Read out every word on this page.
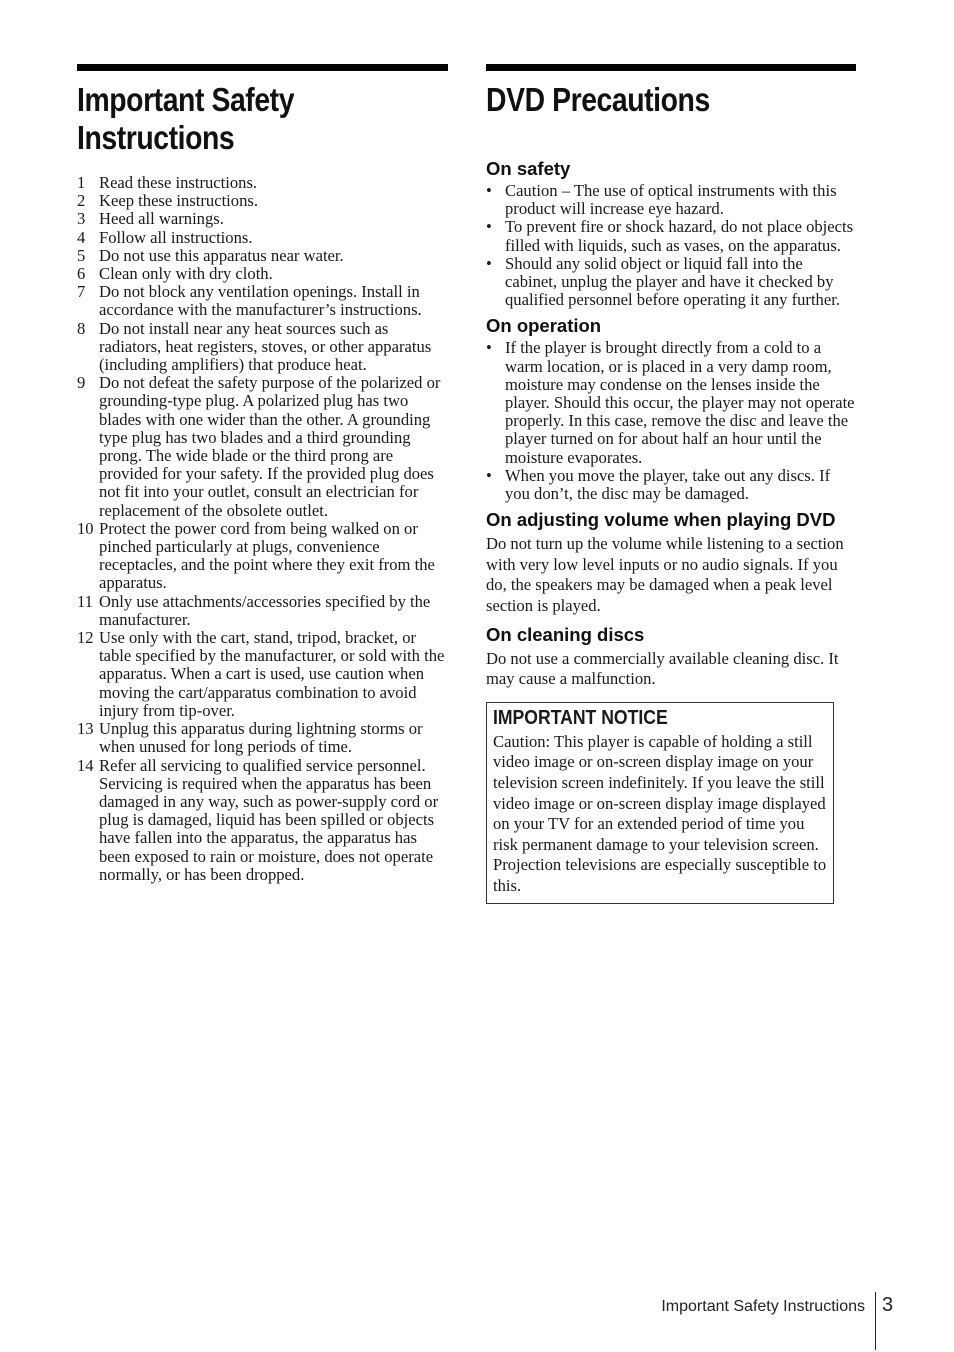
Important Safety
Instructions
1 Read these instructions.
2 Keep these instructions.
3 Heed all warnings.
4 Follow all instructions.
5 Do not use this apparatus near water.
6 Clean only with dry cloth.
7 Do not block any ventilation openings. Install in accordance with the manufacturer’s instructions.
8 Do not install near any heat sources such as radiators, heat registers, stoves, or other apparatus (including amplifiers) that produce heat.
9 Do not defeat the safety purpose of the polarized or grounding-type plug. A polarized plug has two blades with one wider than the other. A grounding type plug has two blades and a third grounding prong. The wide blade or the third prong are provided for your safety. If the provided plug does not fit into your outlet, consult an electrician for replacement of the obsolete outlet.
10 Protect the power cord from being walked on or pinched particularly at plugs, convenience receptacles, and the point where they exit from the apparatus.
11 Only use attachments/accessories specified by the manufacturer.
12 Use only with the cart, stand, tripod, bracket, or table specified by the manufacturer, or sold with the apparatus. When a cart is used, use caution when moving the cart/apparatus combination to avoid injury from tip-over.
13 Unplug this apparatus during lightning storms or when unused for long periods of time.
14 Refer all servicing to qualified service personnel. Servicing is required when the apparatus has been damaged in any way, such as power-supply cord or plug is damaged, liquid has been spilled or objects have fallen into the apparatus, the apparatus has been exposed to rain or moisture, does not operate normally, or has been dropped.
DVD Precautions
On safety
• Caution – The use of optical instruments with this product will increase eye hazard.
• To prevent fire or shock hazard, do not place objects filled with liquids, such as vases, on the apparatus.
• Should any solid object or liquid fall into the cabinet, unplug the player and have it checked by qualified personnel before operating it any further.
On operation
• If the player is brought directly from a cold to a warm location, or is placed in a very damp room, moisture may condense on the lenses inside the player. Should this occur, the player may not operate properly. In this case, remove the disc and leave the player turned on for about half an hour until the moisture evaporates.
• When you move the player, take out any discs. If you don’t, the disc may be damaged.
On adjusting volume when playing DVD

Do not turn up the volume while listening to a section with very low level inputs or no audio signals. If you do, the speakers may be damaged when a peak level section is played.

On cleaning discs

Do not use a commercially available cleaning disc. It may cause a malfunction.

IMPORTANT NOTICE

Caution: This player is capable of holding a still video image or on-screen display image on your television screen indefinitely. If you leave the still video image or on-screen display image displayed on your TV for an extended period of time you risk permanent damage to your television screen. Projection televisions are especially susceptible to this.

Important Safety Instructions 3
